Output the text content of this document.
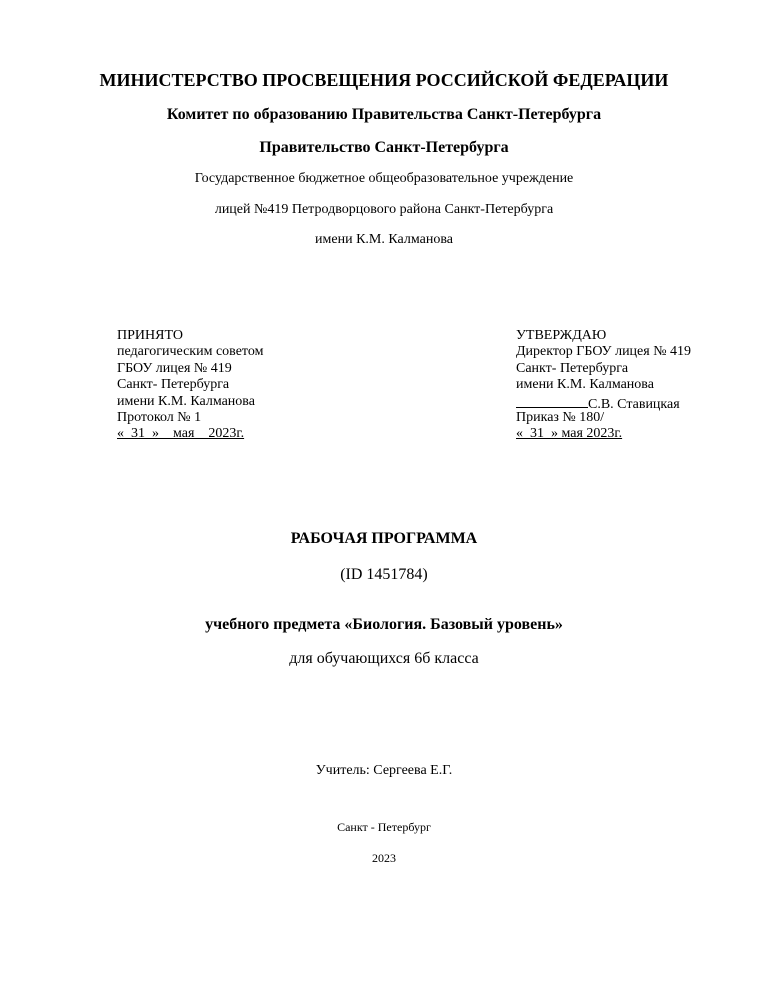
МИНИСТЕРСТВО ПРОСВЕЩЕНИЯ РОССИЙСКОЙ ФЕДЕРАЦИИ
Комитет по образованию Правительства Санкт-Петербурга
Правительство Санкт-Петербурга
Государственное бюджетное общеобразовательное учреждение
лицей №419 Петродворцового района Санкт-Петербурга
имени К.М. Калманова
ПРИНЯТО
педагогическим советом
ГБОУ лицея № 419
Санкт- Петербурга
имени К.М. Калманова
Протокол № 1
«  31  »    мая    2023г.
УТВЕРЖДАЮ
Директор ГБОУ лицея № 419
Санкт- Петербурга
имени К.М. Калманова
С.В. Ставицкая
Приказ № 180/
«  31  » мая 2023г.
РАБОЧАЯ ПРОГРАММА
(ID 1451784)
учебного предмета «Биология. Базовый уровень»
для обучающихся 6б класса
Учитель: Сергеева Е.Г.
Санкт - Петербург
2023
